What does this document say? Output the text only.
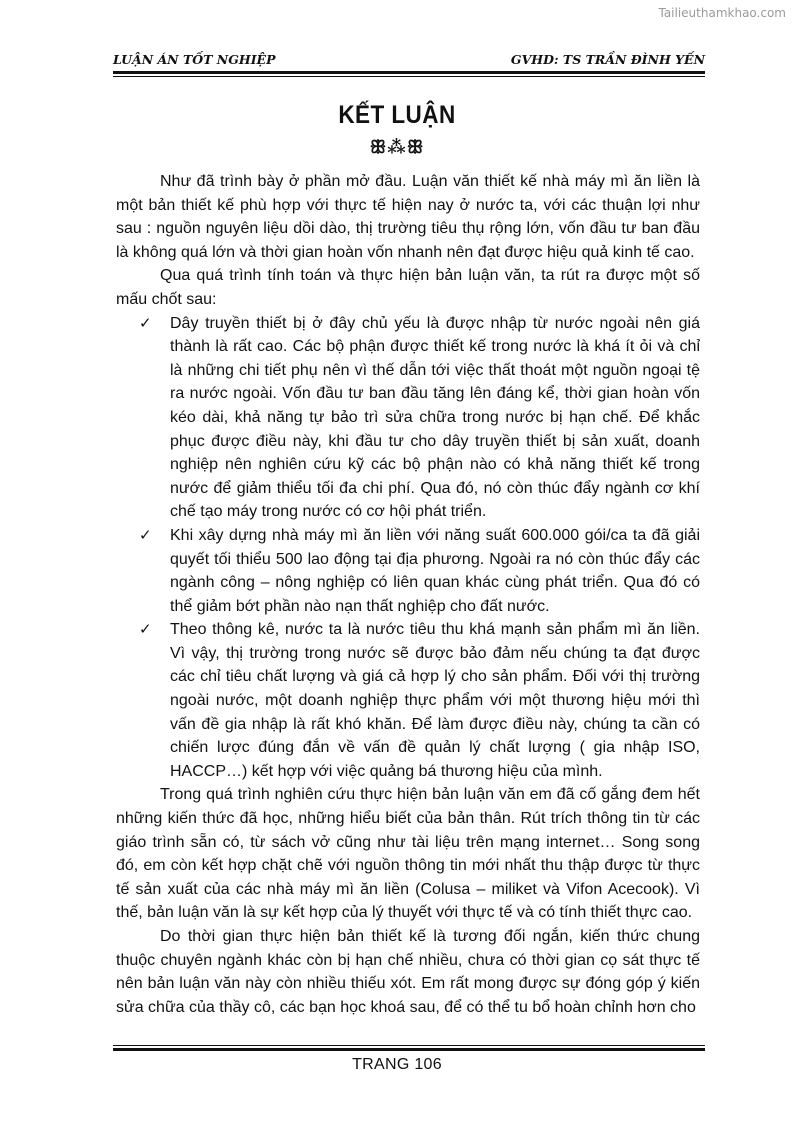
Tailieuthamkhao.com
LUẬN ÁN TỐT NGHIỆP	GVHD: TS TRẦN ĐÌNH YẾN
KẾT LUẬN
ꕥ⁂ꕥ

Như đã trình bày ở phần mở đầu. Luận văn thiết kế nhà máy mì ăn liền là một bản thiết kế phù hợp với thực tế hiện nay ở nước ta, với các thuận lợi như sau : nguồn nguyên liệu dồi dào, thị trường tiêu thụ rộng lớn, vốn đầu tư ban đầu là không quá lớn và thời gian hoàn vốn nhanh nên đạt được hiệu quả kinh tế cao.

Qua quá trình tính toán và thực hiện bản luận văn, ta rút ra được một số mấu chốt sau:

✓ Dây truyền thiết bị ở đây chủ yếu là được nhập từ nước ngoài nên giá thành là rất cao. Các bộ phận được thiết kế trong nước là khá ít ỏi và chỉ là những chi tiết phụ nên vì thế dẫn tới việc thất thoát một nguồn ngoại tệ ra nước ngoài. Vốn đầu tư ban đầu tăng lên đáng kể, thời gian hoàn vốn kéo dài, khả năng tự bảo trì sửa chữa trong nước bị hạn chế. Để khắc phục được điều này, khi đầu tư cho dây truyền thiết bị sản xuất, doanh nghiệp nên nghiên cứu kỹ các bộ phận nào có khả năng thiết kế trong nước để giảm thiểu tối đa chi phí. Qua đó, nó còn thúc đẩy ngành cơ khí chế tạo máy trong nước có cơ hội phát triển.
✓ Khi xây dựng nhà máy mì ăn liền với năng suất 600.000 gói/ca ta đã giải quyết tối thiểu 500 lao động tại địa phương. Ngoài ra nó còn thúc đẩy các ngành công – nông nghiệp có liên quan khác cùng phát triển. Qua đó có thể giảm bớt phần nào nạn thất nghiệp cho đất nước.
✓ Theo thông kê, nước ta là nước tiêu thu khá mạnh sản phẩm mì ăn liền. Vì vậy, thị trường trong nước sẽ được bảo đảm nếu chúng ta đạt được các chỉ tiêu chất lượng và giá cả hợp lý cho sản phẩm. Đối với thị trường ngoài nước, một doanh nghiệp thực phẩm với một thương hiệu mới thì vấn đề gia nhập là rất khó khăn. Để làm được điều này, chúng ta cần có chiến lược đúng đắn về vấn đề quản lý chất lượng ( gia nhập ISO, HACCP…) kết hợp với việc quảng bá thương hiệu của mình.

Trong quá trình nghiên cứu thực hiện bản luận văn em đã cố gắng đem hết những kiến thức đã học, những hiểu biết của bản thân. Rút trích thông tin từ các giáo trình sẵn có, từ sách vở cũng như tài liệu trên mạng internet… Song song đó, em còn kết hợp chặt chẽ với nguồn thông tin mới nhất thu thập được từ thực tế sản xuất của các nhà máy mì ăn liền (Colusa – miliket và Vifon Acecook). Vì thế, bản luận văn là sự kết hợp của lý thuyết với thực tế và có tính thiết thực cao.

Do thời gian thực hiện bản thiết kế là tương đối ngắn, kiến thức chung thuộc chuyên ngành khác còn bị hạn chế nhiều, chưa có thời gian cọ sát thực tế nên bản luận văn này còn nhiều thiếu xót. Em rất mong được sự đóng góp ý kiến sửa chữa của thầy cô, các bạn học khoá sau, để có thể tu bổ hoàn chỉnh hơn cho

TRANG 106
